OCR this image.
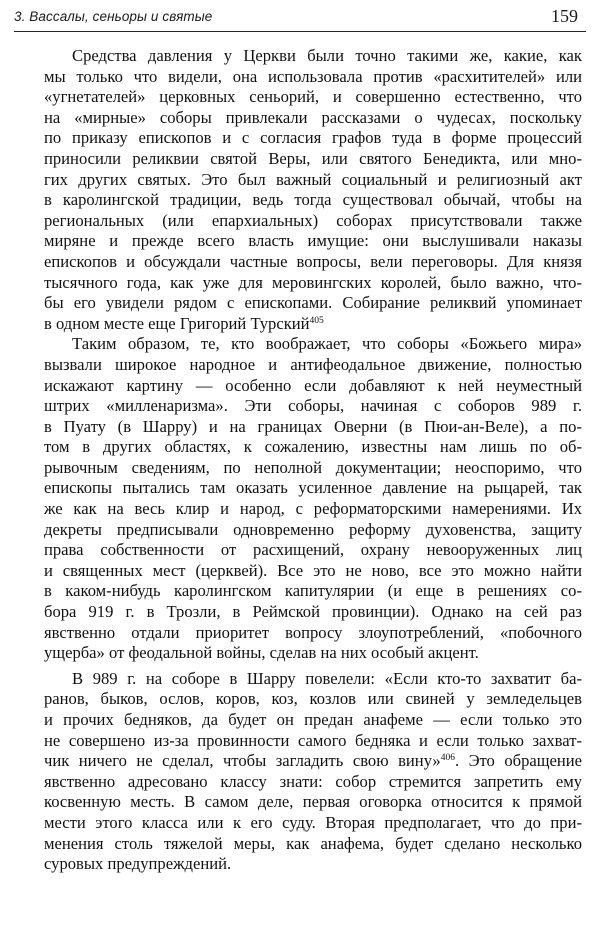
3. Вассалы, сеньоры и святые	159
Средства давления у Церкви были точно такими же, какие, как
мы только что видели, она использовала против «расхитителей» или
«угнетателей» церковных сеньорий, и совершенно естественно, что
на «мирные» соборы привлекали рассказами о чудесах, поскольку
по приказу епископов и с согласия графов туда в форме процессий
приносили реликвии святой Веры, или святого Бенедикта, или мно-
гих других святых. Это был важный социальный и религиозный акт
в каролингской традиции, ведь тогда существовал обычай, чтобы на
региональных (или епархиальных) соборах присутствовали также
миряне и прежде всего власть имущие: они выслушивали наказы
епископов и обсуждали частные вопросы, вели переговоры. Для князя
тысячного года, как уже для меровингских королей, было важно, что-
бы его увидели рядом с епископами. Собирание реликвий упоминает
в одном месте еще Григорий Турский$^{405}$
Таким образом, те, кто воображает, что соборы «Божьего мира»
вызвали широкое народное и антифеодальное движение, полностью
искажают картину — особенно если добавляют к ней неуместный
штрих «милленаризма». Эти соборы, начиная с соборов 989 г.
в Пуату (в Шарру) и на границах Оверни (в Пюи-ан-Веле), а по-
том в других областях, к сожалению, известны нам лишь по об-
рывочным сведениям, по неполной документации; неоспоримо, что
епископы пытались там оказать усиленное давление на рыцарей, так
же как на весь клир и народ, с реформаторскими намерениями. Их
декреты предписывали одновременно реформу духовенства, защиту
права собственности от расхищений, охрану невооруженных лиц
и священных мест (церквей). Все это не ново, все это можно найти
в каком-нибудь каролингском капитулярии (и еще в решениях со-
бора 919 г. в Трозли, в Реймской провинции). Однако на сей раз
явственно отдали приоритет вопросу злоупотреблений, «побочного
ущерба» от феодальной войны, сделав на них особый акцент.
В 989 г. на соборе в Шарру повелели: «Если кто-то захватит ба-
ранов, быков, ослов, коров, коз, козлов или свиней у земледельцев
и прочих бедняков, да будет он предан анафеме — если только это
не совершено из-за провинности самого бедняка и если только захват-
чик ничего не сделал, чтобы загладить свою вину»$^{406}$. Это обращение
явственно адресовано классу знати: собор стремится запретить ему
косвенную месть. В самом деле, первая оговорка относится к прямой
мести этого класса или к его суду. Вторая предполагает, что до при-
менения столь тяжелой меры, как анафема, будет сделано несколько
суровых предупреждений.
